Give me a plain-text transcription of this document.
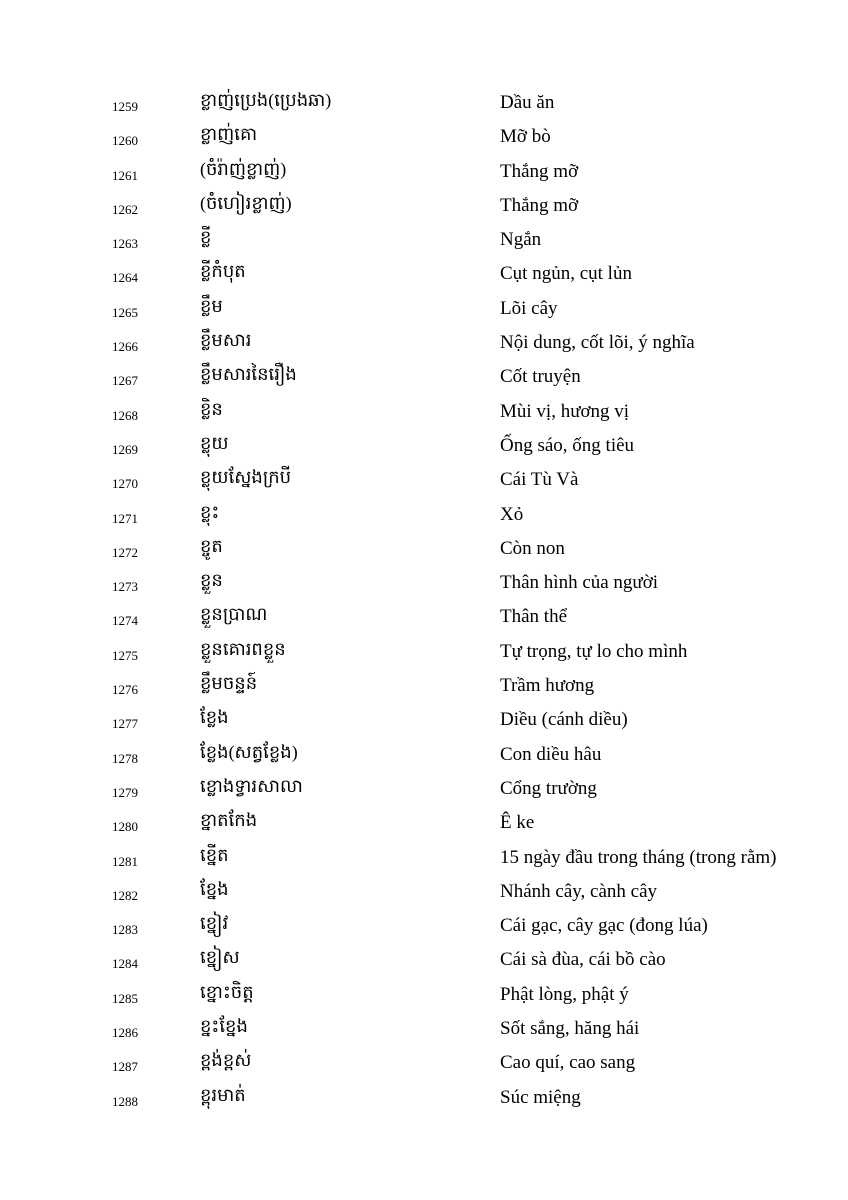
1259	ខ្លាញ់ប្រេង(ប្រេងឆា)	Dầu ăn
1260	ខ្លាញ់គោ	Mỡ bò
1261	(ចំរ៉ាញ់ខ្លាញ់)	Thắng mỡ
1262	(ចំហៀរខ្លាញ់)	Thắng mỡ
1263	ខ្លី	Ngắn
1264	ខ្លីកំបុត	Cụt ngủn, cụt lủn
1265	ខ្លឹម	Lõi cây
1266	ខ្លឹមសារ	Nội dung, cốt lõi, ý nghĩa
1267	ខ្លឹមសារនៃរឿង	Cốt truyện
1268	ខ្លិន	Mùi vị, hương vị
1269	ខ្លុយ	Ống sáo, ống tiêu
1270	ខ្លុយស្នែងក្របី	Cái Tù Và
1271	ខ្លុះ	Xỏ
1272	ខ្ចូត	Còn non
1273	ខ្លួន	Thân hình của người
1274	ខ្លួនប្រាណ	Thân thể
1275	ខ្លួនគោរពខ្លួន	Tự trọng, tự lo cho mình
1276	ខ្លឹមចន្ទន៍	Trầm hương
1277	ខ្លែង	Diều (cánh diều)
1278	ខ្លែង(សត្វខ្លែង)	Con diều hâu
1279	ខ្លោងទ្វារសាលា	Cổng trường
1280	ខ្នាតកែង	Ê ke
1281	ខ្នើត	15 ngày đầu trong tháng (trong rằm)
1282	ខ្នែង	Nhánh cây, cành cây
1283	ខ្នៀវ	Cái gạc, cây gạc (đong lúa)
1284	ខ្នៀស	Cái sà đùa, cái bồ cào
1285	ខ្នោះចិត្ត	Phật lòng, phật ý
1286	ខ្នះខ្នែង	Sốt sắng, hăng hái
1287	ខ្ពង់ខ្ពស់	Cao quí, cao sang
1288	ខ្ពុរមាត់	Súc miệng
